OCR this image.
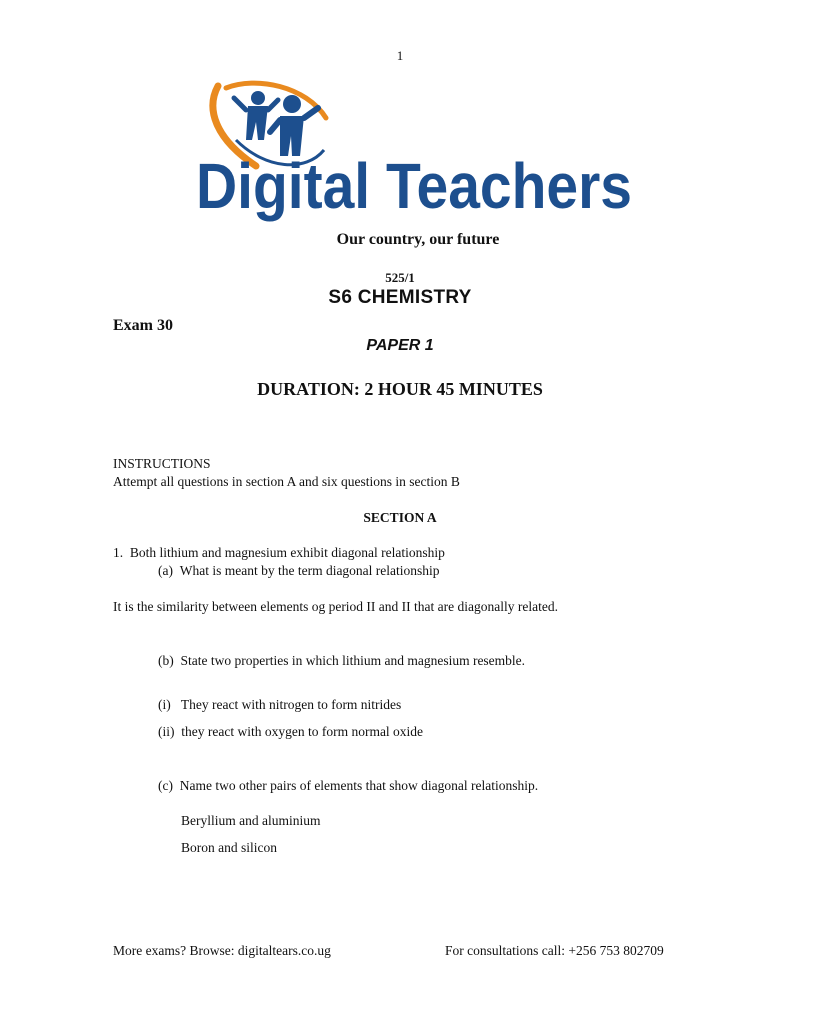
1
Digital Teachers
Our country, our future
525/1
S6 CHEMISTRY
Exam 30
PAPER 1
DURATION: 2 HOUR 45 MINUTES
INSTRUCTIONS
Attempt all questions in section A and six questions in section B
SECTION A
1.  Both lithium and magnesium exhibit diagonal relationship
(a)  What is meant by the term diagonal relationship
It is the similarity between elements og period II and II that are diagonally related.
(b)  State two properties in which lithium and magnesium resemble.
(i)   They react with nitrogen to form nitrides
(ii)  they react with oxygen to form normal oxide
(c)  Name two other pairs of elements that show diagonal relationship.
Beryllium and aluminium
Boron and silicon
More exams? Browse: digitaltears.co.ug	For consultations call: +256 753 802709
